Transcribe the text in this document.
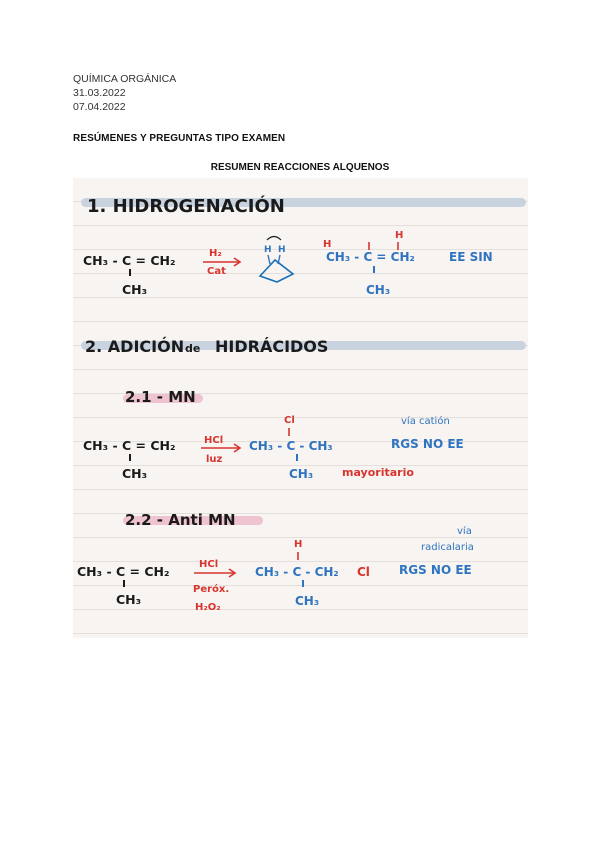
QUÍMICA ORGÁNICA
31.03.2022
07.04.2022
RESÚMENES Y PREGUNTAS TIPO EXAMEN
RESUMEN REACCIONES ALQUENOS
1. HIDROGENACIÓN
CH₃ - C = CH₂
CH₃
H₂
Cat
H H	H
H
CH₃ - C = CH₂
CH₃
EE SIN
2. ADICIÓN de HIDRÁCIDOS
2.1 - MN
CH₃ - C = CH₂
CH₃
HCl
luz
Cl
CH₃ - C - CH₃
CH₃	mayoritario
vía catión
RGS NO EE
2.2 - Anti MN
CH₃ - C = CH₂
CH₃
HCl
Peróx.
H₂O₂
H
CH₃ - C - CH₂ Cl
CH₃
vía
radicalaria
RGS NO EE
